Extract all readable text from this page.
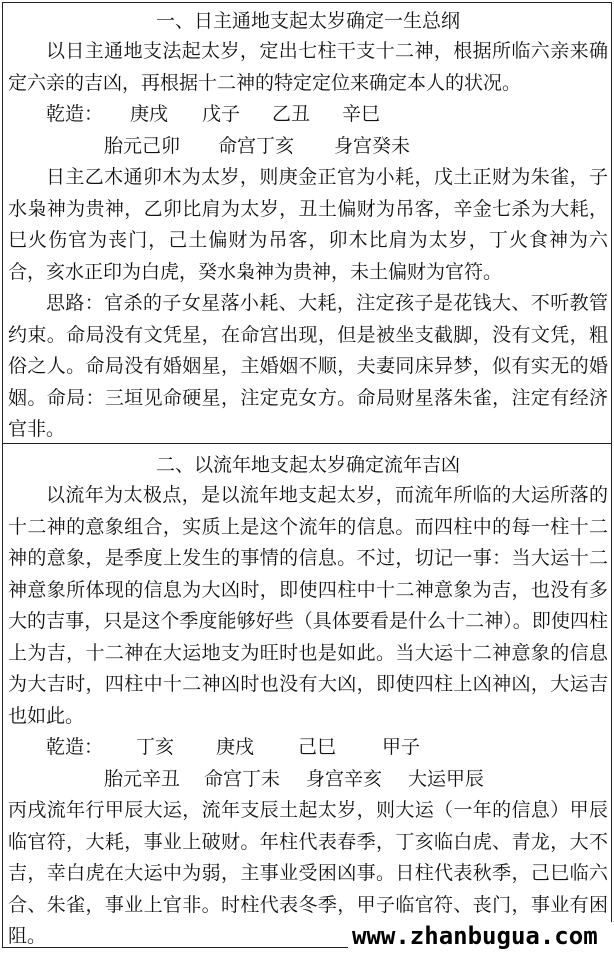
一、日主通地支起太岁确定一生总纲

以日主通地支法起太岁，定出七柱干支十二神，根据所临六亲来确定六亲的吉凶，再根据十二神的特定定位来确定本人的状况。

乾造： 庚戌 戊子 乙丑 辛巳
胎元己卯 命宫丁亥 身宫癸未

日主乙木通卯木为太岁，则庚金正官为小耗，戊土正财为朱雀，子水枭神为贵神，乙卯比肩为太岁，丑土偏财为吊客，辛金七杀为大耗，巳火伤官为丧门，己土偏财为吊客，卯木比肩为太岁，丁火食神为六合，亥水正印为白虎，癸水枭神为贵神，未土偏财为官符。

思路：官杀的子女星落小耗、大耗，注定孩子是花钱大、不听教管约束。命局没有文凭星，在命宫出现，但是被坐支截脚，没有文凭，粗俗之人。命局没有婚姻星，主婚姻不顺，夫妻同床异梦，似有实无的婚姻。命局：三垣见命硬星，注定克女方。命局财星落朱雀，注定有经济官非。

二、以流年地支起太岁确定流年吉凶

以流年为太极点，是以流年地支起太岁，而流年所临的大运所落的十二神的意象组合，实质上是这个流年的信息。而四柱中的每一柱十二神的意象，是季度上发生的事情的信息。不过，切记一事：当大运十二神意象所体现的信息为大凶时，即使四柱中十二神意象为吉，也没有多大的吉事，只是这个季度能够好些（具体要看是什么十二神）。即使四柱上为吉，十二神在大运地支为旺时也是如此。当大运十二神意象的信息为大吉时，四柱中十二神凶时也没有大凶，即使四柱上凶神凶，大运吉也如此。

乾造： 丁亥 庚戌 己巳 甲子
胎元辛丑 命宫丁未 身宫辛亥 大运甲辰

丙戌流年行甲辰大运，流年支辰土起太岁，则大运（一年的信息）甲辰临官符，大耗，事业上破财。年柱代表春季，丁亥临白虎、青龙，大不吉，幸白虎在大运中为弱，主事业受困凶事。日柱代表秋季，己巳临六合、朱雀，事业上官非。时柱代表冬季，甲子临官符、丧门，事业有困阻。	www.zhanbugua.com
